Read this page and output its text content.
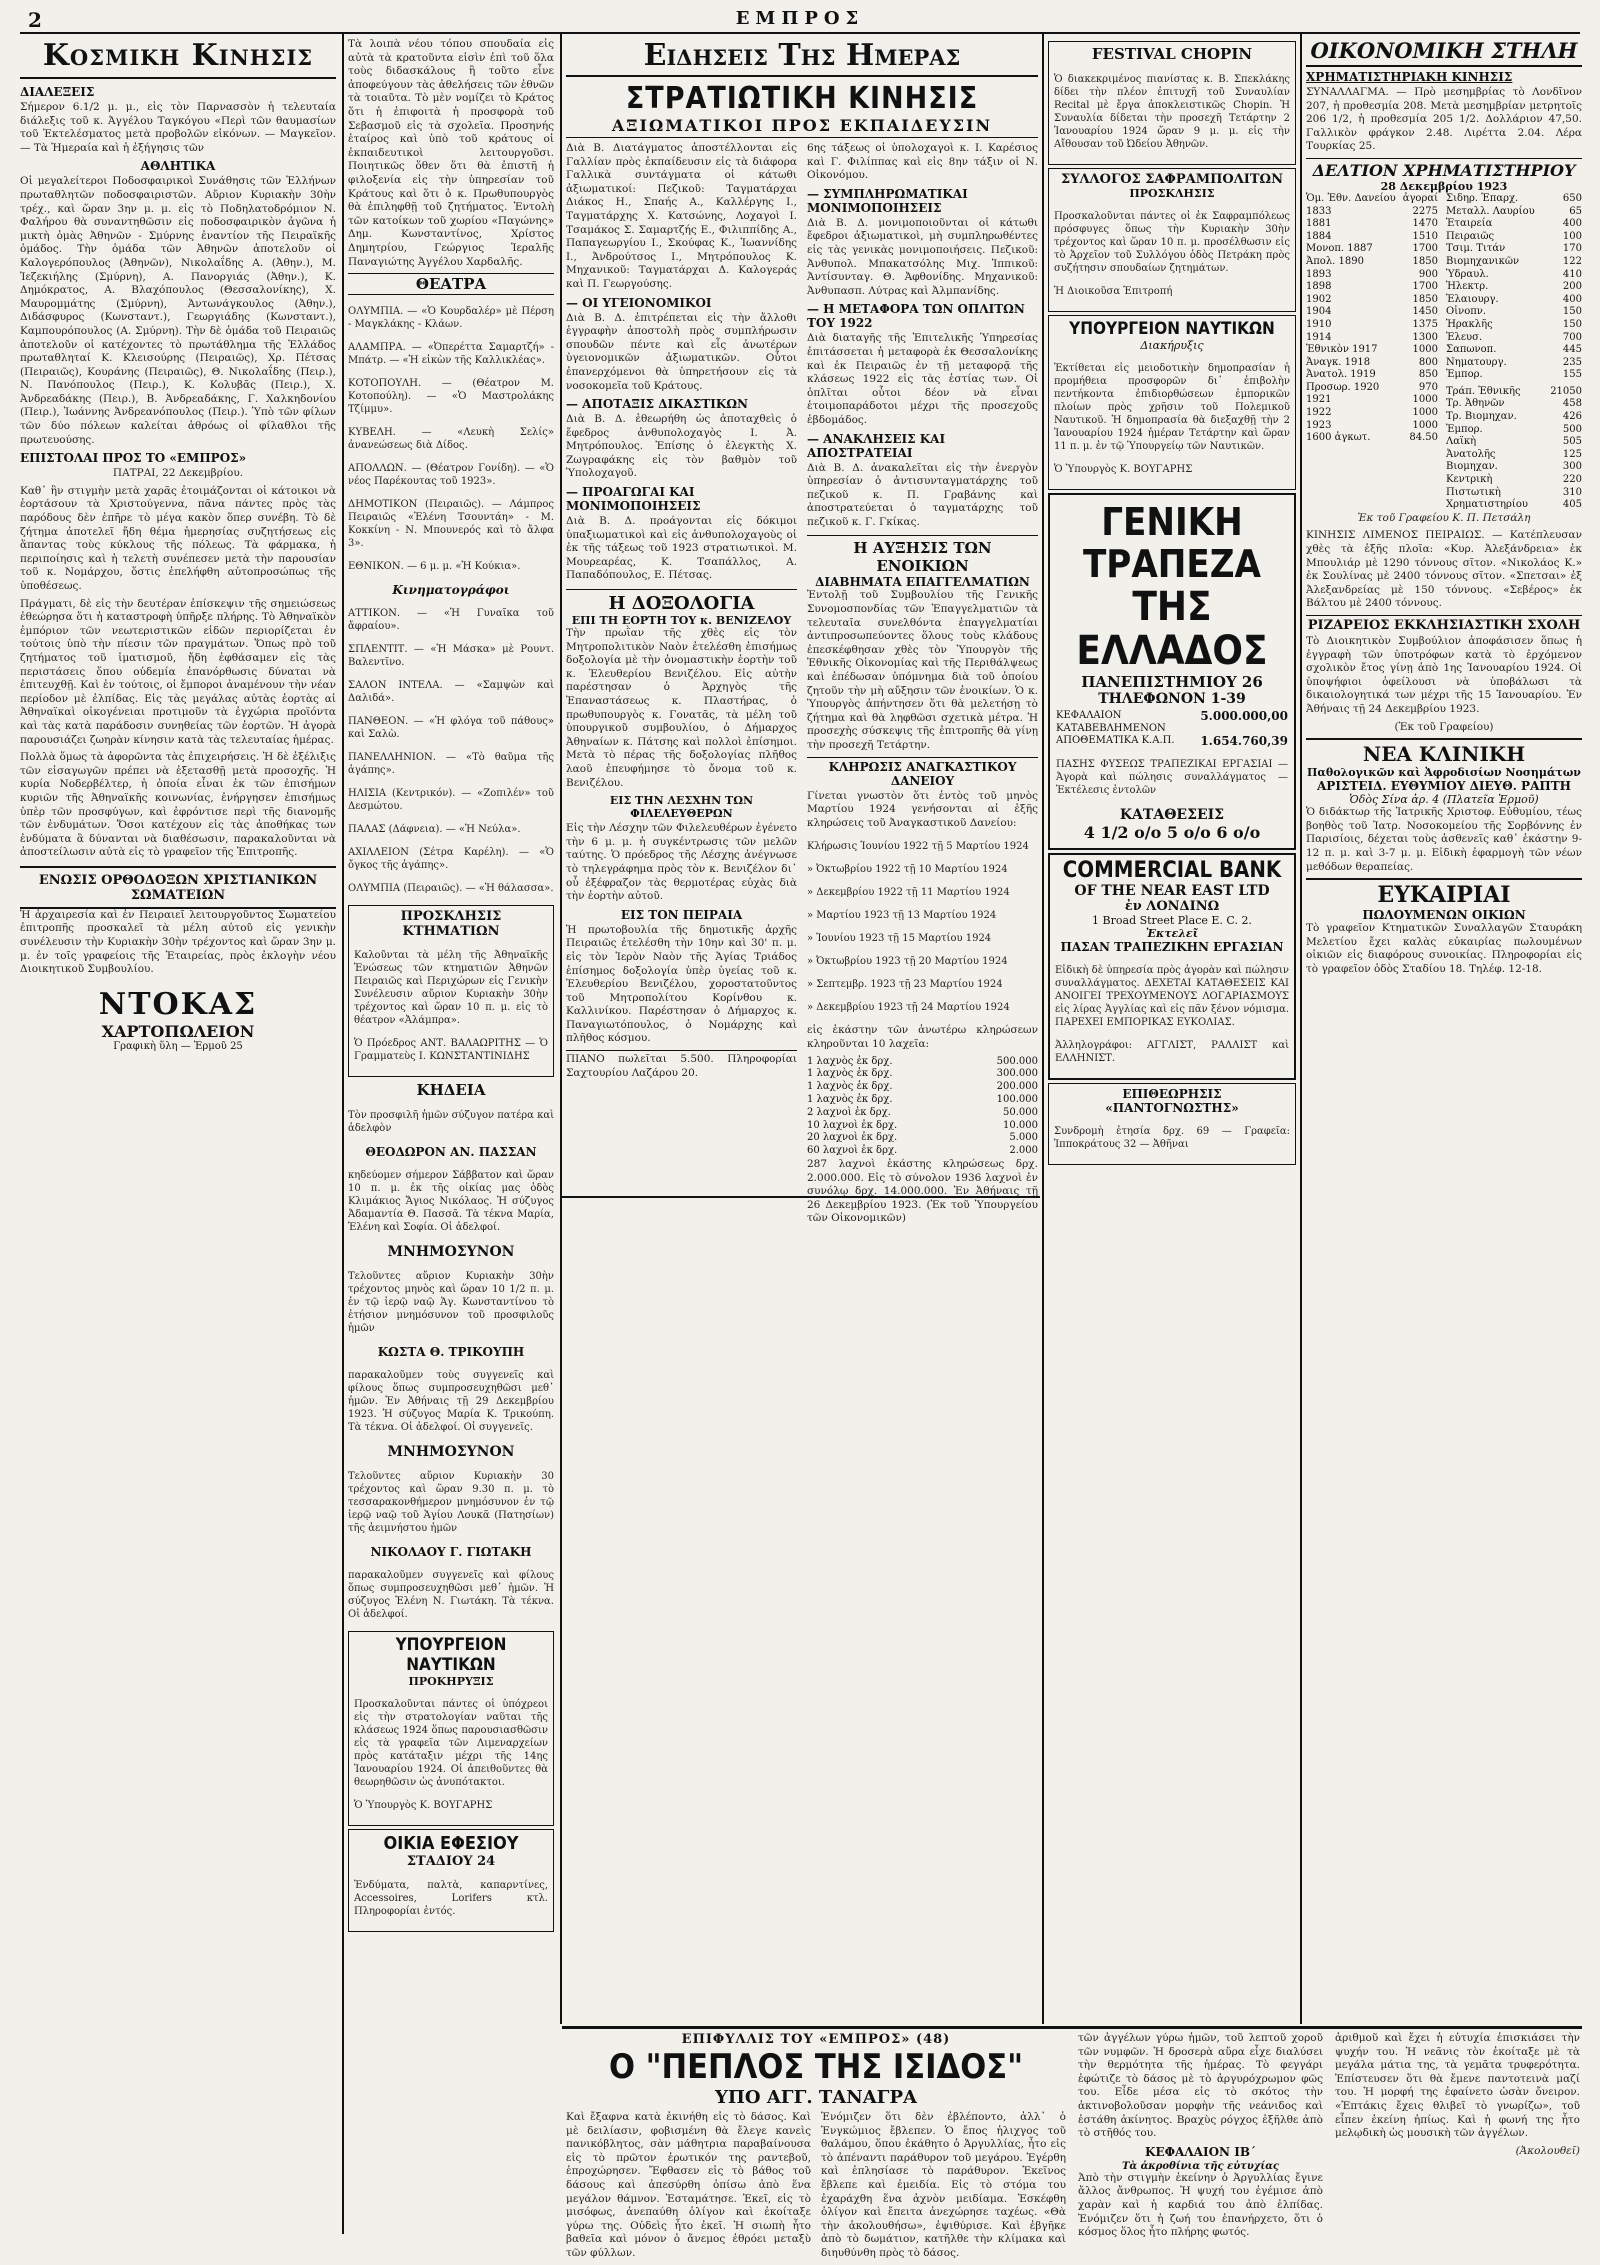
2	ΕΜΠΡΟΣ
Κοσμικη Κινησις
ΔΙΑΛΕΞΕΙΣ

Σήμερον 6.1/2 μ. μ., εἰς τὸν Παρνασσὸν ἡ τελευταία διάλεξις τοῦ κ. Ἀγγέλου Ταγκόγου «Περὶ τῶν θαυμασίων τοῦ Ἐκτελέσματος μετὰ προβολῶν εἰκόνων. — Μαγκεῖον. — Τὰ Ἡμεραία καὶ ἡ ἐξήγησις τῶν

ΑΘΛΗΤΙΚΑ

Οἱ μεγαλείτεροι Ποδοσφαιρικοὶ Συνάθησις τῶν Ἑλλήνων πρωταθλητῶν ποδοσφαιριστῶν. Αὔριον Κυριακὴν 30ὴν τρέχ., καὶ ὥραν 3ην μ. μ. εἰς τὸ Ποδηλατοδρόμιον Ν. Φαλήρου θὰ συναντηθῶσιν εἰς ποδοσφαιρικὸν ἀγῶνα ἡ μικτὴ ὁμὰς Ἀθηνῶν - Σμύρνης ἐναντίον τῆς Πειραϊκῆς ὁμάδος. Τὴν ὁμάδα τῶν Ἀθηνῶν ἀποτελοῦν οἱ Καλογερόπουλος (Ἀθηνῶν), Νικολαΐδης Α. (Ἀθην.), Μ. Ἰεζεκιήλης (Σμύρνη), Α. Πανοργιάς (Ἀθην.), Κ. Δημόκρατος, Α. Βλαχόπουλος (Θεσσαλονίκης), Χ. Μαυρομμάτης (Σμύρνη), Ἀντωνάγκουλος (Ἀθην.), Διδάσφυρος (Κωνσταντ.), Γεωργιάδης (Κωνσταντ.), Καμπουρόπουλος (Α. Σμύρνη). Τὴν δὲ ὁμάδα τοῦ Πειραιῶς ἀποτελοῦν οἱ κατέχοντες τὸ πρωτάθλημα τῆς Ἑλλάδος πρωταθληταί Κ. Κλεισούρης (Πειραιῶς), Χρ. Πέτσας (Πειραιῶς), Κουράνης (Πειραιῶς), Θ. Νικολαΐδης (Πειρ.), Ν. Πανόπουλος (Πειρ.), Κ. Κολυβᾶς (Πειρ.), Χ. Ἀνδρεαδάκης (Πειρ.), Β. Ἀνδρεαδάκης, Γ. Χαλκηδονίου (Πειρ.), Ἰωάννης Ἀνδρεανόπουλος (Πειρ.). Ὑπὸ τῶν φίλων τῶν δύο πόλεων καλείται ἀθρόως οἱ φίλαθλοι τῆς πρωτευούσης.

ΕΠΙΣΤΟΛΑΙ ΠΡΟΣ ΤΟ «ΕΜΠΡΟΣ»

ΠΑΤΡΑΙ, 22 Δεκεμβρίου.

Καθ᾿ ἣν στιγμὴν μετὰ χαρᾶς ἐτοιμάζονται οἱ κάτοικοι νὰ ἑορτάσουν τὰ Χριστούγεννα, πᾶνα πάντες πρὸς τὰς παρόδους δὲν ἐπῆρε τὸ μέγα κακὸν ὅπερ συνέβη. Τὸ δὲ ζήτημα ἀποτελεῖ ἤδη θέμα ἡμερησίας συζητήσεως εἰς ἅπαντας τοὺς κύκλους τῆς πόλεως. Τὰ φάρμακα, ἡ περιποίησις καὶ ἡ τελετὴ συνέπεσεν μετὰ τὴν παρουσίαν τοῦ κ. Νομάρχου, ὅστις ἐπελήφθη αὐτοπροσώπως τῆς ὑποθέσεως.

Πράγματι, δὲ εἰς τὴν δευτέραν ἐπίσκεψιν τῆς σημειώσεως ἐθεώρησα ὅτι ἡ καταστροφὴ ὑπῆρξε πλήρης. Τὸ Ἀθηναϊκὸν ἐμπόριον τῶν νεωτεριστικῶν εἰδῶν περιορίζεται ἐν τούτοις ὑπὸ τὴν πίεσιν τῶν πραγμάτων. Ὅπως πρὸ τοῦ ζητήματος τοῦ ἱματισμοῦ, ἤδη ἐφθάσαμεν εἰς τὰς περιστάσεις ὅπου οὐδεμία ἐπανόρθωσις δύναται νὰ ἐπιτευχθῇ. Καὶ ἐν τούτοις, οἱ ἔμποροι ἀναμένουν τὴν νέαν περίοδον μὲ ἐλπίδας. Εἰς τὰς μεγάλας αὐτὰς ἑορτὰς αἱ Ἀθηναϊκαὶ οἰκογένειαι προτιμοῦν τὰ ἐγχώρια προϊόντα καὶ τὰς κατὰ παράδοσιν συνηθείας τῶν ἑορτῶν. Ἡ ἀγορὰ παρουσιάζει ζωηρὰν κίνησιν κατὰ τὰς τελευταίας ἡμέρας.

Πολλὰ ὅμως τὰ ἀφορῶντα τὰς ἐπιχειρήσεις. Ἡ δὲ ἐξέλιξις τῶν εἰσαγωγῶν πρέπει νὰ ἐξετασθῇ μετὰ προσοχῆς. Ἡ κυρία Νοδερβέλτερ, ἡ ὁποία εἶναι ἐκ τῶν ἐπισήμων κυριῶν τῆς Ἀθηναϊκῆς κοινωνίας, ἐνήργησεν ἐπισήμως ὑπὲρ τῶν προσφύγων, καὶ ἐφρόντισε περὶ τῆς διανομῆς τῶν ἐνδυμάτων. Ὅσοι κατέχουν εἰς τὰς ἀποθήκας των ἐνδύματα ἃ δύνανται νὰ διαθέσωσιν, παρακαλοῦνται νὰ ἀποστείλωσιν αὐτὰ εἰς τὸ γραφεῖον τῆς Ἐπιτροπῆς.

ΕΝΩΣΙΣ ΟΡΘΟΔΟΞΩΝ ΧΡΙΣΤΙΑΝΙΚΩΝ ΣΩΜΑΤΕΙΩΝ

Ἡ ἀρχαιρεσία καὶ ἐν Πειραιεῖ λειτουργοῦντος Σωματείου ἐπιτροπῆς προσκαλεῖ τὰ μέλη αὐτοῦ εἰς γενικὴν συνέλευσιν τὴν Κυριακὴν 30ὴν τρέχοντος καὶ ὥραν 3ην μ. μ. ἐν τοῖς γραφείοις τῆς Ἑταιρείας, πρὸς ἐκλογὴν νέου Διοικητικοῦ Συμβουλίου.

ΝΤΟΚΑΣ
ΧΑΡΤΟΠΩΛΕΙΟΝ
Γραφικὴ ὕλη — Ἐρμοῦ 25

Τὰ λοιπὰ νέου τόπου σπουδαία εἰς αὐτὰ τὰ κρατοῦντα εἰσὶν ἐπὶ τοῦ ὅλα τοὺς διδασκάλους ἢ τοῦτο εἶνε ἀποφεύγουν τὰς ἀθελήσεις τῶν ἐθνῶν τὰ τοιαῦτα. Τὸ μὲν νομίζει τὸ Κράτος ὅτι ἡ ἐπιφοιτὰ ἡ προσφορὰ τοῦ Σεβασμοῦ εἰς τὰ σχολεῖα. Προσηνής ἑταίρος καὶ ὑπὸ τοῦ κράτους οἱ ἐκπαιδευτικοὶ λειτουργοῦσι. Ποιητικῶς ὅθεν ὅτι θὰ ἐπιστῆ ἡ φιλοξενία εἰς τὴν ὑπηρεσίαν τοῦ Κράτους καὶ ὅτι ὁ κ. Πρωθυπουργὸς θὰ ἐπιληφθῇ τοῦ ζητήματος. Ἐντολὴ τῶν κατοίκων τοῦ χωρίου «Παγώνης» Δημ. Κωνσταντίνος, Χρίστος Δημητρίου, Γεώργιος Ἱεραλῆς Παναγιώτης Ἀγγέλου Χαρδαλῆς.

ΘΕΑΤΡΑ

ΟΛΥΜΠΙΑ. — «Ὁ Κουρδαλέρ» μὲ Πέρση - Μαγκλάκης - Κλάων.

ΑΛΑΜΠΡΑ. — «Ὀπερέττα Σαμαρτζή» - Μπάτρ. — «Ἡ εἰκὼν τῆς Καλλικλέας».

ΚΟΤΟΠΟΥΛΗ. — (Θέατρον Μ. Κοτοπούλη). — «Ὁ Μαστρολάκης Τζίμμυ».

ΚΥΒΕΛΗ. — «Λευκὴ Σελίς» ἀνανεώσεως διὰ Δίδος.

ΑΠΟΛΛΩΝ. — (Θέατρον Γονίδη). — «Ὁ νέος Παρέκουτας τοῦ 1923».

ΔΗΜΟΤΙΚΟΝ (Πειραιῶς). — Λάμπρος Πειραιῶς «Ἐλένη Τσουντάη» - Μ. Κοκκίνη - Ν. Μπουνερός καὶ τὸ ἄλφα 3».

ΕΘΝΙΚΟΝ. — 6 μ. μ. «Ἡ Κούκια».

Κινηματογράφοι

ΑΤΤΙΚΟΝ. — «Ἡ Γυναῖκα τοῦ ἄφραίου».

ΣΠΛΕΝΤΙΤ. — «Ἡ Μάσκα» μὲ Ρουντ. Βαλεντῖνο.

ΣΑΛΟΝ ΙΝΤΕΛΑ. — «Σαμψὼν καὶ Δαλιδά».

ΠΑΝΘΕΟΝ. — «Ἡ φλόγα τοῦ πάθους» καὶ Σαλὼ.

ΠΑΝΕΛΛΗΝΙΟΝ. — «Τὸ θαῦμα τῆς ἀγάπης».

ΗΛΙΣΙΑ (Κεντρικόν). — «Ζοπιλέν» τοῦ Δεσμώτου.

ΠΑΛΑΣ (Δάφνεια). — «Ἡ Νεύλα».

ΑΧΙΛΛΕΙΟΝ (Σέτρα Καρέλη). — «Ὁ ὄγκος τῆς ἀγάπης».

ΟΛΥΜΠΙΑ (Πειραιῶς). — «Ἡ θάλασσα».

ΠΡΟΣΚΛΗΣΙΣ ΚΤΗΜΑΤΙΩΝ

Καλοῦνται τὰ μέλη τῆς Ἀθηναϊκῆς Ἑνώσεως τῶν κτηματιῶν Ἀθηνῶν Πειραιῶς καὶ Περιχώρων εἰς Γενικὴν Συνέλευσιν αὔριον Κυριακὴν 30ὴν τρέχοντος καὶ ὥραν 10 π. μ. εἰς τὸ θέατρον «Ἀλάμπρα».

Ὁ Πρόεδρος ΑΝΤ. ΒΑΛΑΩΡΙΤΗΣ — Ὁ Γραμματεὺς Ι. ΚΩΝΣΤΑΝΤΙΝΙΔΗΣ

ΚΗΔΕΙΑ

Τὸν προσφιλῆ ἡμῶν σύζυγον πατέρα καὶ ἀδελφὸν

ΘΕΟΔΩΡΟΝ ΑΝ. ΠΑΣΣΑΝ

κηδεύομεν σήμερον Σάββατον καὶ ὥραν 10 π. μ. ἐκ τῆς οἰκίας μας ὁδὸς Κλιμάκιος Ἄγιος Νικόλαος. Ἡ σύζυγος Ἀδαμαντία Θ. Πασσᾶ. Τὰ τέκνα Μαρία, Ἑλένη καὶ Σοφία. Οἱ ἀδελφοί.

ΜΝΗΜΟΣΥΝΟΝ

Τελοῦντες αὔριον Κυριακὴν 30ὴν τρέχοντος μηνὸς καὶ ὥραν 10 1/2 π. μ. ἐν τῷ ἱερῷ ναῷ Ἁγ. Κωνσταντίνου τὸ ἐτήσιον μνημόσυνον τοῦ προσφιλοῦς ἡμῶν

ΚΩΣΤΑ Θ. ΤΡΙΚΟΥΠΗ

παρακαλοῦμεν τοὺς συγγενεῖς καὶ φίλους ὅπως συμπροσευχηθῶσι μεθ᾿ ἡμῶν. Ἐν Ἀθήναις τῇ 29 Δεκεμβρίου 1923. Ἡ σύζυγος Μαρία Κ. Τρικούπη. Τὰ τέκνα. Οἱ ἀδελφοί. Οἱ συγγενεῖς.

ΜΝΗΜΟΣΥΝΟΝ

Τελοῦντες αὔριον Κυριακὴν 30 τρέχοντος καὶ ὥραν 9.30 π. μ. τὸ τεσσαρακονθήμερον μνημόσυνον ἐν τῷ ἱερῷ ναῷ τοῦ Ἁγίου Λουκᾶ (Πατησίων) τῆς ἀειμνήστου ἡμῶν

ΝΙΚΟΛΑΟΥ Γ. ΓΙΩΤΑΚΗ

παρακαλοῦμεν συγγενεῖς καὶ φίλους ὅπως συμπροσευχηθῶσι μεθ᾿ ἡμῶν. Ἡ σύζυγος Ἑλένη Ν. Γιωτάκη. Τὰ τέκνα. Οἱ ἀδελφοί.

ΥΠΟΥΡΓΕΙΟΝ ΝΑΥΤΙΚΩΝ
ΠΡΟΚΗΡΥΞΙΣ

Προσκαλοῦνται πάντες οἱ ὑπόχρεοι εἰς τὴν στρατολογίαν ναῦται τῆς κλάσεως 1924 ὅπως παρουσιασθῶσιν εἰς τὰ γραφεῖα τῶν Λιμεναρχείων πρὸς κατάταξιν μέχρι τῆς 14ης Ἰανουαρίου 1924. Οἱ ἀπειθοῦντες θὰ θεωρηθῶσιν ὡς ἀνυπότακτοι.

Ὁ Ὑπουργὸς Κ. ΒΟΥΓΑΡΗΣ

ΟΙΚΙΑ ΕΦΕΣΙΟΥ
ΣΤΑΔΙΟΥ 24

Ἐνδύματα, παλτὰ, καπαρντίνες, Accessoires, Lorifers κτλ. Πληροφορίαι ἐντός.

Ειδησεις Της Ημερας
ΣΤΡΑΤΙΩΤΙΚΗ ΚΙΝΗΣΙΣ
ΑΞΙΩΜΑΤΙΚΟΙ ΠΡΟΣ ΕΚΠΑΙΔΕΥΣΙΝ

Διὰ Β. Διατάγματος ἀποστέλλονται εἰς Γαλλίαν πρὸς ἐκπαίδευσιν εἰς τὰ διάφορα Γαλλικὰ συντάγματα οἱ κάτωθι ἀξιωματικοί: Πεζικοῦ: Ταγματάρχαι Διάκος Η., Σπαής Α., Καλλέργης Ι., Ταγματάρχης Χ. Κατσώνης, Λοχαγοὶ Ι. Τσαμάκος Σ. Σαμαρτζής Ε., Φιλιππίδης Α., Παπαγεωργίου Ι., Σκούφας Κ., Ἰωαννίδης Ι., Ἀνδρούτσος Ι., Μητρόπουλος Κ. Μηχανικοῦ: Ταγματάρχαι Δ. Καλογεράς καὶ Π. Γεωργούσης.

— ΟΙ ΥΓΕΙΟΝΟΜΙΚΟΙ

Διὰ Β. Δ. ἐπιτρέπεται εἰς τὴν ἄλλοθι ἐγγραφὴν ἀποστολὴ πρὸς συμπλήρωσιν σπουδῶν πέντε καὶ εἷς ἀνωτέρων ὑγειονομικῶν ἀξιωματικῶν. Οὗτοι ἐπανερχόμενοι θὰ ὑπηρετήσουν εἰς τὰ νοσοκομεῖα τοῦ Κράτους.

— ΑΠΟΤΑΞΙΣ ΔΙΚΑΣΤΙΚΩΝ

Διὰ Β. Δ. ἐθεωρήθη ὡς ἀποταχθεὶς ὁ ἔφεδρος ἀνθυπολοχαγὸς Ι. Ἀ. Μητρόπουλος. Ἐπίσης ὁ ἐλεγκτὴς Χ. Ζωγραφάκης εἰς τὸν βαθμὸν τοῦ Ὑπολοχαγοῦ.

— ΠΡΟΑΓΩΓΑΙ ΚΑΙ ΜΟΝΙΜΟΠΟΙΗΣΕΙΣ

Διὰ Β. Δ. προάγονται εἰς δόκιμοι ὑπαξιωματικοὶ καὶ εἰς ἀνθυπολοχαγοὺς οἱ ἐκ τῆς τάξεως τοῦ 1923 στρατιωτικοὶ. Μ. Μουρεαρέας, Κ. Τσαπάλλος, Α. Παπαδόπουλος, Ε. Πέτσας.

Η ΔΟΞΟΛΟΓΙΑ
ΕΠΙ ΤΗ ΕΟΡΤΗ ΤΟΥ κ. ΒΕΝΙΖΕΛΟΥ

Τὴν πρωῒαν τῆς χθὲς εἰς τὸν Μητροπολιτικὸν Ναὸν ἐτελέσθη ἐπισήμως δοξολογία μὲ τὴν ὀνομαστικὴν ἑορτὴν τοῦ κ. Ἐλευθερίου Βενιζέλου. Εἰς αὐτὴν παρέστησαν ὁ Ἀρχηγὸς τῆς Ἐπαναστάσεως κ. Πλαστήρας, ὁ πρωθυπουργὸς κ. Γονατᾶς, τὰ μέλη τοῦ ὑπουργικοῦ συμβουλίου, ὁ Δήμαρχος Ἀθηναίων κ. Πάτσης καὶ πολλοὶ ἐπίσημοι. Μετὰ τὸ πέρας τῆς δοξολογίας πλῆθος λαοῦ ἐπευφήμησε τὸ ὄνομα τοῦ κ. Βενιζέλου.

ΕΙΣ ΤΗΝ ΛΕΣΧΗΝ ΤΩΝ ΦΙΛΕΛΕΥΘΕΡΩΝ

Εἰς τὴν Λέσχην τῶν Φιλελευθέρων ἐγένετο τὴν 6 μ. μ. ἡ συγκέντρωσις τῶν μελῶν ταύτης. Ὁ πρόεδρος τῆς Λέσχης ἀνέγνωσε τὸ τηλεγράφημα πρὸς τὸν κ. Βενιζέλον δι᾿ οὗ ἐξέφραζον τὰς θερμοτέρας εὐχὰς διὰ τὴν ἑορτὴν αὐτοῦ.

ΕΙΣ ΤΟΝ ΠΕΙΡΑΙΑ

Ἡ πρωτοβουλία τῆς δημοτικῆς ἀρχῆς Πειραιῶς ἐτελέσθη τὴν 10ην καὶ 30' π. μ. εἰς τὸν Ἱερὸν Ναὸν τῆς Ἁγίας Τριάδος ἐπίσημος δοξολογία ὑπὲρ ὑγείας τοῦ κ. Ἐλευθερίου Βενιζέλου, χοροστατοῦντος τοῦ Μητροπολίτου Κορίνθου κ. Καλλινίκου. Παρέστησαν ὁ Δήμαρχος κ. Παναγιωτόπουλος, ὁ Νομάρχης καὶ πλῆθος κόσμου.

ΠΙΑΝΟ πωλεῖται 5.500. Πληροφορίαι Σαχτουρίου Λαζάρου 20.

6ης τάξεως οἱ ὑπολοχαγοὶ κ. Ι. Καρέσιος καὶ Γ. Φιλίππας καὶ εἰς 8ην τάξιν οἱ Ν. Οἰκονόμου.

— ΣΥΜΠΛΗΡΩΜΑΤΙΚΑΙ ΜΟΝΙΜΟΠΟΙΗΣΕΙΣ

Διὰ Β. Δ. μονιμοποιοῦνται οἱ κάτωθι ἔφεδροι ἀξιωματικοὶ, μὴ συμπληρωθέντες εἰς τὰς γενικὰς μονιμοποιήσεις. Πεζικοῦ: Ἀνθυπολ. Μπακατσόλης Μιχ. Ἱππικοῦ: Ἀντίσυνταγ. Θ. Ἀφθονίδης. Μηχανικοῦ: Ἀνθυπασπ. Λύτρας καὶ Ἀλμπανίδης.

— Η ΜΕΤΑΦΟΡΑ ΤΩΝ ΟΠΛΙΤΩΝ ΤΟΥ 1922

Διὰ διαταγῆς τῆς Ἐπιτελικῆς Ὑπηρεσίας ἐπιτάσσεται ἡ μεταφορὰ ἐκ Θεσσαλονίκης καὶ ἐκ Πειραιῶς ἐν τῇ μεταφορᾷ τῆς κλάσεως 1922 εἰς τὰς ἑστίας των. Οἱ ὁπλῖται οὗτοι δέον νὰ εἶναι ἑτοιμοπαράδοτοι μέχρι τῆς προσεχοῦς ἑβδομάδος.

— ΑΝΑΚΛΗΣΕΙΣ ΚΑΙ ΑΠΟΣΤΡΑΤΕΙΑΙ

Διὰ Β. Δ. ἀνακαλεῖται εἰς τὴν ἐνεργὸν ὑπηρεσίαν ὁ ἀντισυνταγματάρχης τοῦ πεζικοῦ κ. Π. Γραβάνης καὶ ἀποστρατεύεται ὁ ταγματάρχης τοῦ πεζικοῦ κ. Γ. Γκίκας.

Η ΑΥΞΗΣΙΣ ΤΩΝ ΕΝΟΙΚΙΩΝ
ΔΙΑΒΗΜΑΤΑ ΕΠΑΓΓΕΛΜΑΤΙΩΝ

Ἐντολῇ τοῦ Συμβουλίου τῆς Γενικῆς Συνομοσπονδίας τῶν Ἐπαγγελματιῶν τὰ τελευταῖα συνελθόντα ἐπαγγελματίαι ἀντιπροσωπεύοντες ὅλους τοὺς κλάδους ἐπεσκέφθησαν χθὲς τὸν Ὑπουργὸν τῆς Ἐθνικῆς Οἰκονομίας καὶ τῆς Περιθάλψεως καὶ ἐπέδωσαν ὑπόμνημα διὰ τοῦ ὁποίου ζητοῦν τὴν μὴ αὔξησιν τῶν ἐνοικίων. Ὁ κ. Ὑπουργὸς ἀπήντησεν ὅτι θὰ μελετήσῃ τὸ ζήτημα καὶ θὰ ληφθῶσι σχετικὰ μέτρα. Ἡ προσεχὴς σύσκεψις τῆς ἐπιτροπῆς θὰ γίνῃ τὴν προσεχῆ Τετάρτην.

ΚΛΗΡΩΣΙΣ ΑΝΑΓΚΑΣΤΙΚΟΥ ΔΑΝΕΙΟΥ

Γίνεται γνωστὸν ὅτι ἐντὸς τοῦ μηνὸς Μαρτίου 1924 γενήσονται αἱ ἑξῆς κληρώσεις τοῦ Ἀναγκαστικοῦ Δανείου:

Κλήρωσις Ἰουνίου 1922 τῇ 5 Μαρτίου 1924

» Ὀκτωβρίου 1922 τῇ 10 Μαρτίου 1924

» Δεκεμβρίου 1922 τῇ 11 Μαρτίου 1924

» Μαρτίου 1923 τῇ 13 Μαρτίου 1924

» Ἰουνίου 1923 τῇ 15 Μαρτίου 1924

» Ὀκτωβρίου 1923 τῇ 20 Μαρτίου 1924

» Σεπτεμβρ. 1923 τῇ 23 Μαρτίου 1924

» Δεκεμβρίου 1923 τῇ 24 Μαρτίου 1924

εἰς ἑκάστην τῶν ἀνωτέρω κληρώσεων κληροῦνται 10 λαχεῖα:

1 λαχνὸς ἐκ δρχ.	500.000
1 λαχνὸς ἐκ δρχ.	300.000
1 λαχνὸς ἐκ δρχ.	200.000
1 λαχνὸς ἐκ δρχ.	100.000
2 λαχνοὶ ἐκ δρχ.	50.000
10 λαχνοὶ ἐκ δρχ.	10.000
20 λαχνοὶ ἐκ δρχ.	5.000
60 λαχνοὶ ἐκ δρχ.	2.000

287 λαχνοὶ ἑκάστης κληρώσεως δρχ. 2.000.000. Εἰς τὸ σύνολον 1936 λαχνοὶ ἐν συνόλῳ δρχ. 14.000.000. Ἐν Ἀθήναις τῇ 26 Δεκεμβρίου 1923. (Ἐκ τοῦ Ὑπουργείου τῶν Οἰκονομικῶν)

FESTIVAL CHOPIN

Ὁ διακεκριμένος πιανίστας κ. Β. Σπεκλάκης δίδει τὴν πλέον ἐπιτυχῆ τοῦ Συναυλίαν Recital μὲ ἔργα ἀποκλειστικῶς Chopin. Ἡ Συναυλία δίδεται τὴν προσεχῆ Τετάρτην 2 Ἰανουαρίου 1924 ὥραν 9 μ. μ. εἰς τὴν Αἴθουσαν τοῦ Ὠδείου Ἀθηνῶν.

ΣΥΛΛΟΓΟΣ ΣΑΦΡΑΜΠΟΛΙΤΩΝ
ΠΡΟΣΚΛΗΣΙΣ

Προσκαλοῦνται πάντες οἱ ἐκ Σαφραμπόλεως πρόσφυγες ὅπως τὴν Κυριακὴν 30ὴν τρέχοντος καὶ ὥραν 10 π. μ. προσέλθωσιν εἰς τὸ Ἀρχεῖον τοῦ Συλλόγου ὁδὸς Πετράκη πρὸς συζήτησιν σπουδαίων ζητημάτων.

Ἡ Διοικοῦσα Ἐπιτροπή

ΥΠΟΥΡΓΕΙΟΝ ΝΑΥΤΙΚΩΝ
Διακήρυξις

Ἐκτίθεται εἰς μειοδοτικὴν δημοπρασίαν ἡ προμήθεια προσφορῶν δι᾿ ἐπιβολὴν πεντήκοντα ἐπιδιορθώσεων ἐμπορικῶν πλοίων πρὸς χρῆσιν τοῦ Πολεμικοῦ Ναυτικοῦ. Ἡ δημοπρασία θὰ διεξαχθῇ τὴν 2 Ἰανουαρίου 1924 ἡμέραν Τετάρτην καὶ ὥραν 11 π. μ. ἐν τῷ Ὑπουργείῳ τῶν Ναυτικῶν.

Ὁ Ὑπουργὸς Κ. ΒΟΥΓΑΡΗΣ

ΓΕΝΙΚΗ ΤΡΑΠΕΖΑ
ΤΗΣ ΕΛΛΑΔΟΣ
ΠΑΝΕΠΙΣΤΗΜΙΟΥ 26
ΤΗΛΕΦΩΝΟΝ 1-39
ΚΕΦΑΛΑΙΟΝ ΚΑΤΑΒΕΒΛΗΜΕΝΟΝ
5.000.000,00
ΑΠΟΘΕΜΑΤΙΚΑ Κ.Α.Π. 1.654.760,39

ΠΑΣΗΣ ΦΥΣΕΩΣ ΤΡΑΠΕΖΙΚΑΙ ΕΡΓΑΣΙΑΙ — Ἀγορὰ καὶ πώλησις συναλλάγματος — Ἐκτέλεσις ἐντολῶν

ΚΑΤΑΘΕΣΕΙΣ
4 1/2 ο/ο 5 ο/ο 6 ο/ο
COMMERCIAL BANK
OF THE NEAR EAST LTD
ἐν ΛΟΝΔΙΝΩ
1 Broad Street Place E. C. 2.
Ἐκτελεῖ
ΠΑΣΑΝ ΤΡΑΠΕΖΙΚΗΝ ΕΡΓΑΣΙΑΝ

Εἰδικὴ δὲ ὑπηρεσία πρὸς ἀγορὰν καὶ πώλησιν συναλλάγματος. ΔΕΧΕΤΑΙ ΚΑΤΑΘΕΣΕΙΣ ΚΑΙ ΑΝΟΙΓΕΙ ΤΡΕΧΟΥΜΕΝΟΥΣ ΛΟΓΑΡΙΑΣΜΟΥΣ εἰς λίρας Ἀγγλίας καὶ εἰς πᾶν ξένον νόμισμα. ΠΑΡΕΧΕΙ ΕΜΠΟΡΙΚΑΣ ΕΥΚΟΛΙΑΣ.

Ἀλληλογράφοι: ΑΓΓΛΙΣΤ, ΡΑΛΛΙΣΤ καὶ ΕΛΛΗΝΙΣΤ.

ΕΠΙΘΕΩΡΗΣΙΣ «ΠΑΝΤΟΓΝΩΣΤΗΣ»

Συνδρομὴ ἐτησία δρχ. 69 — Γραφεῖα: Ἱπποκράτους 32 — Ἀθῆναι

ΟΙΚΟΝΟΜΙΚΗ ΣΤΗΛΗ
ΧΡΗΜΑΤΙΣΤΗΡΙΑΚΗ ΚΙΝΗΣΙΣ

ΣΥΝΑΛΛΑΓΜΑ. — Πρὸ μεσημβρίας τὸ Λονδῖνον 207, ἡ προθεσμία 208. Μετὰ μεσημβρίαν μετρητοῖς 206 1/2, ἡ προθεσμία 205 1/2. Δολλάριον 47,50. Γαλλικὸν φράγκον 2.48. Λιρέττα 2.04. Λέρα Τουρκίας 25.

ΔΕΛΤΙΟΝ ΧΡΗΜΑΤΙΣΤΗΡΙΟΥ
28 Δεκεμβρίου 1923
Ὁμ. Ἐθν. Δανείου ἀγοραί
1833	2275
1881	1470
1884	1510
Μονοπ. 1887	1700
Ἀπολ. 1890	1850
1893	900
1898	1700
1902	1850
1904	1450
1910	1375
1914	1300
Ἐθνικὸν 1917	1000
Ἀναγκ. 1918	800
Ἀνατολ. 1919	850
Προσωρ. 1920	970
1921	1000
1922	1000
1923	1000
1600 ἀγκωτ.	84.50
Σιδηρ. Ἐπαρχ.	650
Μεταλλ. Λαυρίου	65
Ἑταιρεία	400
Πειραιῶς	100
Τσιμ. Τιτάν	170
Βιομηχανικῶν	122
Ὑδραυλ.	410
Ἡλεκτρ.	200
Ἐλαιουργ.	400
Οἰνοπν.	150
Ἡρακλῆς	150
Ἐλευσ.	700
Σαπωνοπ.	445
Νηματουργ.	235
Ἐμπορ.	155
Τράπ. Ἐθνικῆς	21050
Τρ. Ἀθηνῶν	458
Τρ. Βιομηχαν.	426
Ἐμπορ.	500
Λαϊκὴ	505
Ἀνατολῆς	125
Βιομηχαν.	300
Κεντρικὴ	220
Πιστωτικὴ	310
Χρηματιστηρίου	405

Ἐκ τοῦ Γραφείου Κ. Π. Πετσάλη

ΚΙΝΗΣΙΣ ΛΙΜΕΝΟΣ ΠΕΙΡΑΙΩΣ. — Κατέπλευσαν χθὲς τὰ ἑξῆς πλοῖα: «Κυρ. Ἀλεξάνδρεια» ἐκ Μπουλιάρ μὲ 1290 τόννους σῖτον. «Νικολάος Κ.» ἐκ Σουλίνας μὲ 2400 τόννους σῖτον. «Σπετσαι» ἐξ Ἀλεξανδρείας μὲ 150 τόννους. «Σεβέρος» ἐκ Βάλτου μὲ 2400 τόννους.

ΡΙΖΑΡΕΙΟΣ ΕΚΚΛΗΣΙΑΣΤΙΚΗ ΣΧΟΛΗ

Τὸ Διοικητικὸν Συμβούλιον ἀποφάσισεν ὅπως ἡ ἐγγραφὴ τῶν ὑποτρόφων κατὰ τὸ ἐρχόμενον σχολικὸν ἔτος γίνῃ ἀπὸ 1ης Ἰανουαρίου 1924. Οἱ ὑποψήφιοι ὀφείλουσι νὰ ὑποβάλωσι τὰ δικαιολογητικά των μέχρι τῆς 15 Ἰανουαρίου. Ἐν Ἀθήναις τῇ 24 Δεκεμβρίου 1923.

(Ἐκ τοῦ Γραφείου)

ΝΕΑ ΚΛΙΝΙΚΗ
Παθολογικῶν καὶ Ἀφροδισίων Νοσημάτων
ΑΡΙΣΤΕΙΔ. ΕΥΘΥΜΙΟΥ ΔΙΕΥΘ. ΡΑΠΤΗ
Ὁδὸς Σίνα ἀρ. 4 (Πλατεῖα Ἑρμοῦ)

Ὁ διδάκτωρ τῆς Ἰατρικῆς Χριστοφ. Εὐθυμίου, τέως βοηθὸς τοῦ Ἰατρ. Νοσοκομείου τῆς Σορβόννης ἐν Παρισίοις, δέχεται τοὺς ἀσθενεῖς καθ᾿ ἑκάστην 9-12 π. μ. καὶ 3-7 μ. μ. Εἰδικὴ ἐφαρμογὴ τῶν νέων μεθόδων θεραπείας.

ΕΥΚΑΙΡΙΑΙ
ΠΩΛΟΥΜΕΝΩΝ ΟΙΚΙΩΝ

Τὸ γραφεῖον Κτηματικῶν Συναλλαγῶν Σταυράκη Μελετίου ἔχει καλὰς εὐκαιρίας πωλουμένων οἰκιῶν εἰς διαφόρους συνοικίας. Πληροφορίαι εἰς τὸ γραφεῖον ὁδὸς Σταδίου 18. Τηλέφ. 12-18.

ΕΠΙΦΥΛΛΙΣ ΤΟΥ «ΕΜΠΡΟΣ» (48)
Ο "ΠΕΠΛΟΣ ΤΗΣ ΙΣΙΔΟΣ"
ΥΠΟ ΑΓΓ. ΤΑΝΑΓΡΑ

Καὶ ἔξαφνα κατὰ ἐκινήθη εἰς τὸ δάσος. Καὶ μὲ δειλίασιν, φοβισμένη θὰ ἔλεγε κανεὶς πανικόβλητος, σὰν μάθητρια παραβαίνουσα εἰς τὸ πρῶτον ἐρωτικόν της ραντεβοῦ, ἐπροχώρησεν. Ἔφθασεν εἰς τὸ βάθος τοῦ δάσους καὶ ἀπεσύρθη ὀπίσω ἀπὸ ἕνα μεγάλον θάμνον. Ἐσταμάτησε. Ἐκεῖ, εἰς τὸ μισόφως, ἀνεπαύθη ὀλίγον καὶ ἐκοίταξε γύρω της. Οὐδεὶς ἦτο ἐκεῖ. Ἡ σιωπὴ ἦτο βαθεῖα καὶ μόνον ὁ ἄνεμος ἐθρόει μεταξὺ τῶν φύλλων.

Ἐνόμιζεν ὅτι δὲν ἐβλέποντο, ἀλλ᾿ ὁ Ἐνγκώμιος ἔβλεπεν. Ὁ ἔπος ἡλιχγος τοῦ θαλάμου, ὅπου ἐκάθητο ὁ Ἀργυλλίας, ἦτο εἰς τὸ ἀπέναντι παράθυρον τοῦ μεγάρου. Ἐγέρθη καὶ ἐπλησίασε τὸ παράθυρον. Ἐκεῖνος ἔβλεπε καὶ ἐμειδία. Εἰς τὸ στόμα του ἐχαράχθη ἕνα ἀχνὸν μειδίαμα. Ἐσκέφθη ὀλίγον καὶ ἔπειτα ἀνεχώρησε ταχέως. «Θὰ τὴν ἀκολουθήσω», ἐψιθύρισε. Καὶ ἐβγῆκε ἀπὸ τὸ δωμάτιον, κατῆλθε τὴν κλίμακα καὶ διηυθύνθη πρὸς τὸ δάσος.

τῶν ἀγγέλων γύρω ἡμῶν, τοῦ λεπτοῦ χοροῦ τῶν νυμφῶν. Ἡ δροσερὰ αὔρα εἶχε διαλύσει τὴν θερμότητα τῆς ἡμέρας. Τὸ φεγγάρι ἐφώτιζε τὸ δάσος μὲ τὸ ἀργυρόχρωμον φῶς του. Εἶδε μέσα εἰς τὸ σκότος τὴν ἀκτινοβολοῦσαν μορφὴν τῆς νεάνιδος καὶ ἐστάθη ἀκίνητος. Βραχὺς ρόγχος ἐξῆλθε ἀπὸ τὸ στῆθός του.

ΚΕΦΑΛΑΙΟΝ ΙΒ΄
Τὰ ἀκροθίνια τῆς εὐτυχίας

Ἀπὸ τὴν στιγμὴν ἐκείνην ὁ Ἀργυλλίας ἔγινε ἄλλος ἄνθρωπος. Ἡ ψυχή του ἐγέμισε ἀπὸ χαρὰν καὶ ἡ καρδιά του ἀπὸ ἐλπίδας. Ἐνόμιζεν ὅτι ἡ ζωή του ἐπανήρχετο, ὅτι ὁ κόσμος ὅλος ἦτο πλήρης φωτός.

ἀριθμοῦ καὶ ἔχει ἡ εὐτυχία ἐπισκιάσει τὴν ψυχήν του. Ἡ νεᾶνις τὸν ἐκοίταξε μὲ τὰ μεγάλα μάτια της, τὰ γεμᾶτα τρυφερότητα. Ἐπίστευσεν ὅτι θὰ ἔμενε παντοτεινὰ μαζί του. Ἡ μορφή της ἐφαίνετο ὡσὰν ὄνειρον. «Ἐπτάκις ἔχεις θλιβεῖ τὸ γνωρίζω», τοῦ εἶπεν ἐκείνη ἠπίως. Καὶ ἡ φωνή της ἦτο μελῳδικὴ ὡς μουσικὴ τῶν ἀγγέλων.

(Ἀκολουθεῖ)
